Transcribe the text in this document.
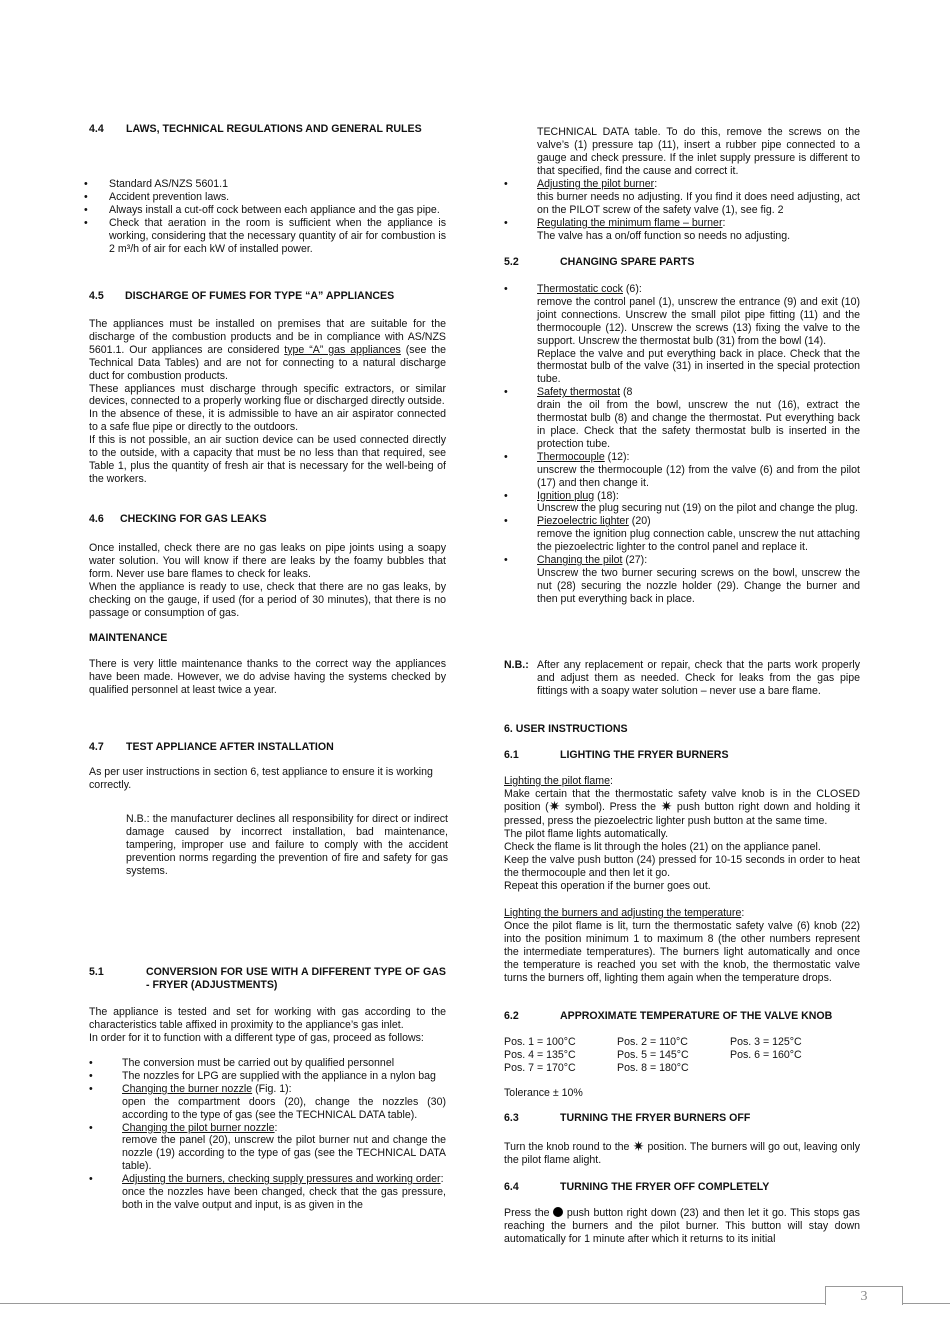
4.4 LAWS, TECHNICAL REGULATIONS AND GENERAL RULES
• Standard AS/NZS 5601.1
• Accident prevention laws.
• Always install a cut-off cock between each appliance and the gas pipe.
• Check that aeration in the room is sufficient when the appliance is working, considering that the necessary quantity of air for combustion is 2 m³/h of air for each kW of installed power.
4.5 DISCHARGE OF FUMES FOR TYPE “A” APPLIANCES
The appliances must be installed on premises that are suitable for the discharge of the combustion products and be in compliance with AS/NZS 5601.1. Our appliances are considered type “A” gas appliances (see the Technical Data Tables) and are not for connecting to a natural discharge duct for combustion products.
These appliances must discharge through specific extractors, or similar devices, connected to a properly working flue or discharged directly outside.
In the absence of these, it is admissible to have an air aspirator connected to a safe flue pipe or directly to the outdoors.
If this is not possible, an air suction device can be used connected directly to the outside, with a capacity that must be no less than that required, see Table 1, plus the quantity of fresh air that is necessary for the well-being of the workers.
4.6 CHECKING FOR GAS LEAKS
Once installed, check there are no gas leaks on pipe joints using a soapy water solution. You will know if there are leaks by the foamy bubbles that form. Never use bare flames to check for leaks.
When the appliance is ready to use, check that there are no gas leaks, by checking on the gauge, if used (for a period of 30 minutes), that there is no passage or consumption of gas.
MAINTENANCE
There is very little maintenance thanks to the correct way the appliances have been made. However, we do advise having the systems checked by qualified personnel at least twice a year.
4.7 TEST APPLIANCE AFTER INSTALLATION
As per user instructions in section 6, test appliance to ensure it is working correctly.
N.B.: the manufacturer declines all responsibility for direct or indirect damage caused by incorrect installation, bad maintenance, tampering, improper use and failure to comply with the accident prevention norms regarding the prevention of fire and safety for gas systems.
5.1	CONVERSION FOR USE WITH A DIFFERENT TYPE OF GAS - FRYER (ADJUSTMENTS)
The appliance is tested and set for working with gas according to the characteristics table affixed in proximity to the appliance’s gas inlet.
In order for it to function with a different type of gas, proceed as follows:
• The conversion must be carried out by qualified personnel
• The nozzles for LPG are supplied with the appliance in a nylon bag
• Changing the burner nozzle (Fig. 1):
open the compartment doors (20), change the nozzles (30) according to the type of gas (see the TECHNICAL DATA table).
• Changing the pilot burner nozzle:
remove the panel (20), unscrew the pilot burner nut and change the nozzle (19) according to the type of gas (see the TECHNICAL DATA table).
• Adjusting the burners, checking supply pressures and working order:
once the nozzles have been changed, check that the gas pressure, both in the valve output and input, is as given in the
TECHNICAL DATA table. To do this, remove the screws on the valve’s (1) pressure tap (11), insert a rubber pipe connected to a gauge and check pressure. If the inlet supply pressure is different to that specified, find the cause and correct it.
• Adjusting the pilot burner:
this burner needs no adjusting. If you find it does need adjusting, act on the PILOT screw of the safety valve (1), see fig. 2
• Regulating the minimum flame – burner:
The valve has a on/off function so needs no adjusting.
5.2	CHANGING SPARE PARTS
• Thermostatic cock (6):
remove the control panel (1), unscrew the entrance (9) and exit (10) joint connections. Unscrew the small pilot pipe fitting (11) and the thermocouple (12). Unscrew the screws (13) fixing the valve to the support. Unscrew the thermostat bulb (31) from the bowl (14).
Replace the valve and put everything back in place. Check that the thermostat bulb of the valve (31) in inserted in the special protection tube.
• Safety thermostat (8
drain the oil from the bowl, unscrew the nut (16), extract the thermostat bulb (8) and change the thermostat. Put everything back in place. Check that the safety thermostat bulb is inserted in the protection tube.
• Thermocouple (12):
unscrew the thermocouple (12) from the valve (6) and from the pilot (17) and then change it.
• Ignition plug (18):
Unscrew the plug securing nut (19) on the pilot and change the plug.
• Piezoelectric lighter (20)
remove the ignition plug connection cable, unscrew the nut attaching the piezoelectric lighter to the control panel and replace it.
• Changing the pilot (27):
Unscrew the two burner securing screws on the bowl, unscrew the nut (28) securing the nozzle holder (29). Change the burner and then put everything back in place.
N.B.: After any replacement or repair, check that the parts work properly and adjust them as needed. Check for leaks from the gas pipe fittings with a soapy water solution – never use a bare flame.
6. USER INSTRUCTIONS
6.1	LIGHTING THE FRYER BURNERS
Lighting the pilot flame:
Make certain that the thermostatic safety valve knob is in the CLOSED position (✷ symbol). Press the ✷ push button right down and holding it pressed, press the piezoelectric lighter push button at the same time.
The pilot flame lights automatically.
Check the flame is lit through the holes (21) on the appliance panel.
Keep the valve push button (24) pressed for 10-15 seconds in order to heat the thermocouple and then let it go.
Repeat this operation if the burner goes out.
Lighting the burners and adjusting the temperature:
Once the pilot flame is lit, turn the thermostatic safety valve (6) knob (22) into the position minimum 1 to maximum 8 (the other numbers represent the intermediate temperatures). The burners light automatically and once the temperature is reached you set with the knob, the thermostatic valve turns the burners off, lighting them again when the temperature drops.
6.2	APPROXIMATE TEMPERATURE OF THE VALVE KNOB
Pos. 1 = 100°C	Pos. 2 = 110°C	Pos. 3 = 125°C
Pos. 4 = 135°C	Pos. 5 = 145°C	Pos. 6 = 160°C
Pos. 7 = 170°C	Pos. 8 = 180°C
Tolerance ± 10%
6.3	TURNING THE FRYER BURNERS OFF
Turn the knob round to the ✷ position. The burners will go out, leaving only the pilot flame alight.
6.4	TURNING THE FRYER OFF COMPLETELY
Press the  push button right down (23) and then let it go. This stops gas reaching the burners and the pilot burner. This button will stay down automatically for 1 minute after which it returns to its initial
3
